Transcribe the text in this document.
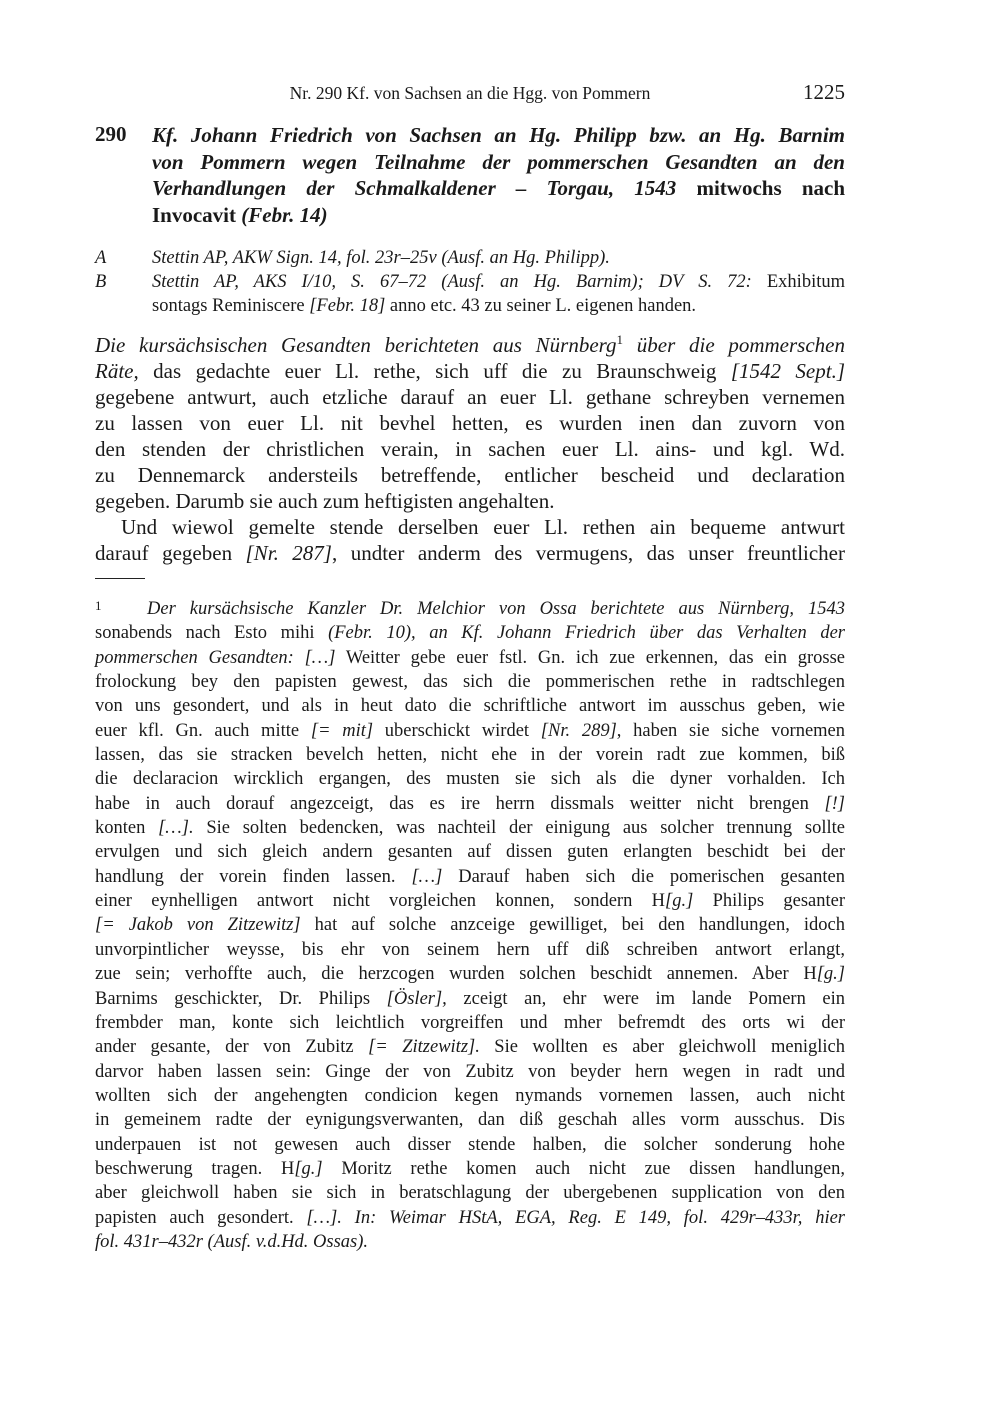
Nr. 290 Kf. von Sachsen an die Hgg. von Pommern	1225
290 Kf. Johann Friedrich von Sachsen an Hg. Philipp bzw. an Hg. Barnim
von Pommern wegen Teilnahme der pommerschen Gesandten an den
Verhandlungen der Schmalkaldener – Torgau, 1543 mitwochs nach
Invocavit (Febr. 14)
A	Stettin AP, AKW Sign. 14, fol. 23r–25v (Ausf. an Hg. Philipp).
B	Stettin AP, AKS I/10, S. 67–72 (Ausf. an Hg. Barnim); DV S. 72: Exhibitum
sontags Reminiscere [Febr. 18] anno etc. 43 zu seiner L. eigenen handen.
Die kursächsischen Gesandten berichteten aus Nürnberg$^1$ über die pommerschen
Räte, das gedachte euer Ll. rethe, sich uff die zu Braunschweig [1542 Sept.]
gegebene antwurt, auch etzliche darauf an euer Ll. gethane schreyben vernemen
zu lassen von euer Ll. nit bevhel hetten, es wurden inen dan zuvorn von
den stenden der christlichen verain, in sachen euer Ll. ains- und kgl. Wd.
zu Dennemarck andersteils betreffende, entlicher bescheid und declaration
gegeben. Darumb sie auch zum heftigisten angehalten.
Und wiewol gemelte stende derselben euer Ll. rethen ain bequeme antwurt
darauf gegeben [Nr. 287], undter anderm des vermugens, das unser freuntlicher
1 Der kursächsische Kanzler Dr. Melchior von Ossa berichtete aus Nürnberg, 1543
sonabends nach Esto mihi (Febr. 10), an Kf. Johann Friedrich über das Verhalten der
pommerschen Gesandten: […] Weitter gebe euer fstl. Gn. ich zue erkennen, das ein grosse
frolockung bey den papisten gewest, das sich die pommerischen rethe in radtschlegen
von uns gesondert, und als in heut dato die schriftliche antwort im ausschus geben, wie
euer kfl. Gn. auch mitte [= mit] uberschickt wirdet [Nr. 289], haben sie siche vornemen
lassen, das sie stracken bevelch hetten, nicht ehe in der vorein radt zue kommen, biß
die declaracion wircklich ergangen, des musten sie sich als die dyner vorhalden. Ich
habe in auch dorauf angezceigt, das es ire herrn dissmals weitter nicht brengen [!]
konten […]. Sie solten bedencken, was nachteil der einigung aus solcher trennung sollte
ervulgen und sich gleich andern gesanten auf dissen guten erlangten beschidt bei der
handlung der vorein finden lassen. […] Darauf haben sich die pomerischen gesanten
einer eynhelligen antwort nicht vorgleichen konnen, sondern H[g.] Philips gesanter
[= Jakob von Zitzewitz] hat auf solche anzceige gewilliget, bei den handlungen, idoch
unvorpintlicher weysse, bis ehr von seinem hern uff diß schreiben antwort erlangt,
zue sein; verhoffte auch, die herzcogen wurden solchen beschidt annemen. Aber H[g.]
Barnims geschickter, Dr. Philips [Ösler], zceigt an, ehr were im lande Pomern ein
frembder man, konte sich leichtlich vorgreiffen und mher befremdt des orts wi der
ander gesante, der von Zubitz [= Zitzewitz]. Sie wollten es aber gleichwoll meniglich
darvor haben lassen sein: Ginge der von Zubitz von beyder hern wegen in radt und
wollten sich der angehengten condicion kegen nymands vornemen lassen, auch nicht
in gemeinem radte der eynigungsverwanten, dan diß geschah alles vorm ausschus. Dis
underpauen ist not gewesen auch disser stende halben, die solcher sonderung hohe
beschwerung tragen. H[g.] Moritz rethe komen auch nicht zue dissen handlungen,
aber gleichwoll haben sie sich in beratschlagung der ubergebenen supplication von den
papisten auch gesondert. […]. In: Weimar HStA, EGA, Reg. E 149, fol. 429r–433r, hier
fol. 431r–432r (Ausf. v.d.Hd. Ossas).
